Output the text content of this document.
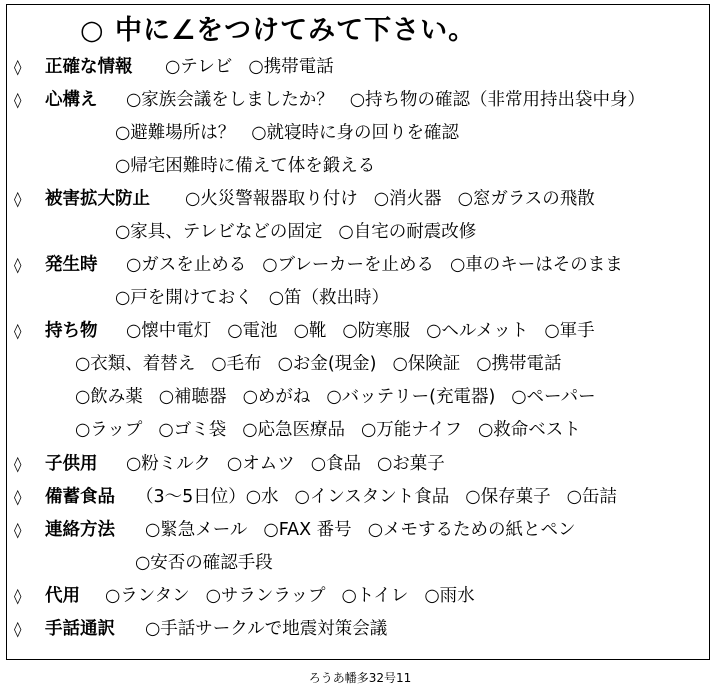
○ 中に∠をつけてみて下さい。
◊ 正確な情報 ○テレビ ○携帯電話
◊ 心構え ○家族会議をしましたか？ ○持ち物の確認（非常用持出袋中身）
○避難場所は？ ○就寝時に身の回りを確認
○帰宅困難時に備えて体を鍛える
◊ 被害拡大防止 ○火災警報器取り付け ○消火器 ○窓ガラスの飛散
○家具、テレビなどの固定 ○自宅の耐震改修
◊ 発生時 ○ガスを止める ○ブレーカーを止める ○車のキーはそのまま
○戸を開けておく ○笛（救出時）
◊ 持ち物 ○懐中電灯 ○電池 ○靴 ○防寒服 ○ヘルメット ○軍手
○衣類、着替え ○毛布 ○お金(現金) ○保険証 ○携帯電話
○飲み薬 ○補聴器 ○めがね ○バッテリー(充電器) ○ペーパー
○ラップ ○ゴミ袋 ○応急医療品 ○万能ナイフ ○救命ベスト
◊ 子供用 ○粉ミルク ○オムツ ○食品 ○お菓子
◊ 備蓄食品 （3～5日位）○水 ○インスタント食品 ○保存菓子 ○缶詰
◊ 連絡方法 ○緊急メール ○FAX 番号 ○メモするための紙とペン
○安否の確認手段
◊ 代用 ○ランタン ○サランラップ ○トイレ ○雨水
◊ 手話通訳 ○手話サークルで地震対策会議
ろうあ幡多32号11
